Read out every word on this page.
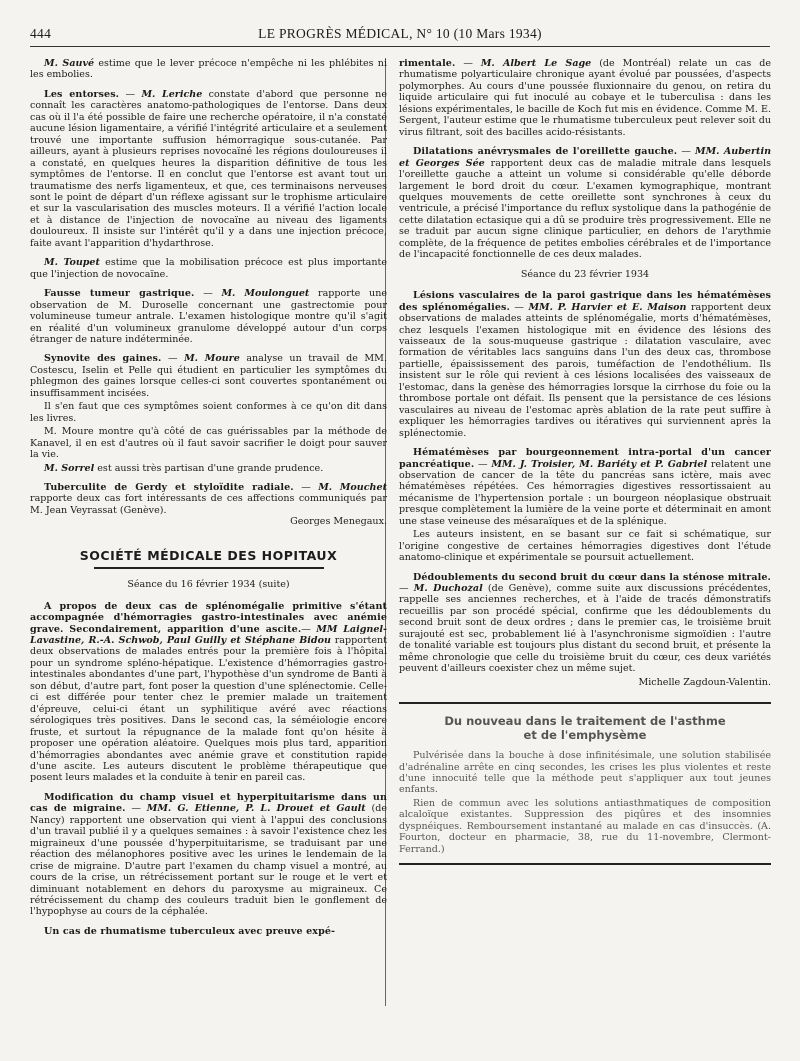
444	LE PROGRÈS MÉDICAL, N° 10 (10 Mars 1934)

M. Sauvé estime que le lever précoce n'empêche ni les phlébites ni les embolies.

Les entorses. — M. Leriche constate d'abord que personne ne connaît les caractères anatomo-pathologiques de l'entorse. Dans deux cas où il l'a été possible de faire une recherche opératoire, il n'a constaté aucune lésion ligamentaire, a vérifié l'intégrité articulaire et a seulement trouvé une importante suffusion hémorragique sous-cutanée. Par ailleurs, ayant à plusieurs reprises novocaïné les régions douloureuses il a constaté, en quelques heures la disparition définitive de tous les symptômes de l'entorse. Il en conclut que l'entorse est avant tout un traumatisme des nerfs ligamenteux, et que, ces terminaisons nerveuses sont le point de départ d'un réflexe agissant sur le trophisme articulaire et sur la vascularisation des muscles moteurs. Il a vérifié l'action locale et à distance de l'injection de novocaïne au niveau des ligaments douloureux. Il insiste sur l'intérêt qu'il y a dans une injection précoce, faite avant l'apparition d'hydarthrose.

M. Toupet estime que la mobilisation précoce est plus importante que l'injection de novocaïne.

Fausse tumeur gastrique. — M. Moulonguet rapporte une observation de M. Duroselle concernant une gastrectomie pour volumineuse tumeur antrale. L'examen histologique montre qu'il s'agit en réalité d'un volumineux granulome développé autour d'un corps étranger de nature indéterminée.

Synovite des gaines. — M. Moure analyse un travail de MM. Costescu, Iselin et Pelle qui étudient en particulier les symptômes du phlegmon des gaines lorsque celles-ci sont couvertes spontanément ou insuffisamment incisées.

Il s'en faut que ces symptômes soient conformes à ce qu'on dit dans les livres.

M. Moure montre qu'à côté de cas guérissables par la méthode de Kanavel, il en est d'autres où il faut savoir sacrifier le doigt pour sauver la vie.

M. Sorrel est aussi très partisan d'une grande prudence.

Tuberculite de Gerdy et styloïdite radiale. — M. Mouchet rapporte deux cas fort intéressants de ces affections communiqués par M. Jean Veyrassat (Genève).

Georges Menegaux.

SOCIÉTÉ MÉDICALE DES HOPITAUX

Séance du 16 février 1934 (suite)

A propos de deux cas de splénomégalie primitive s'étant accompagnée d'hémorragies gastro-intestinales avec anémie grave. Secondairement, apparition d'une ascite.— MM Laignel-Lavastine, R.-A. Schwob, Paul Guilly et Stéphane Bidou rapportent deux observations de malades entrés pour la première fois à l'hôpital pour un syndrome spléno-hépatique. L'existence d'hémorragies gastro-intestinales abondantes d'une part, l'hypothèse d'un syndrome de Banti à son début, d'autre part, font poser la question d'une splénectomie. Celle-ci est différée pour tenter chez le premier malade un traitement d'épreuve, celui-ci étant un syphilitique avéré avec réactions sérologiques très positives. Dans le second cas, la séméiologie encore fruste, et surtout la répugnance de la malade font qu'on hésite à proposer une opération aléatoire. Quelques mois plus tard, apparition d'hémorragies abondantes avec anémie grave et constitution rapide d'une ascite. Les auteurs discutent le problème thérapeutique que posent leurs malades et la conduite à tenir en pareil cas.

Modification du champ visuel et hyperpituitarisme dans un cas de migraine. — MM. G. Etienne, P. L. Drouet et Gault (de Nancy) rapportent une observation qui vient à l'appui des conclusions d'un travail publié il y a quelques semaines : à savoir l'existence chez les migraineux d'une poussée d'hyperpituitarisme, se traduisant par une réaction des mélanophores positive avec les urines le lendemain de la crise de migraine. D'autre part l'examen du champ visuel a montré, au cours de la crise, un rétrécissement portant sur le rouge et le vert et diminuant notablement en dehors du paroxysme au migraineux. Ce rétrécissement du champ des couleurs traduit bien le gonflement de l'hypophyse au cours de la céphalée.

Un cas de rhumatisme tuberculeux avec preuve expé-

rimentale. — M. Albert Le Sage (de Montréal) relate un cas de rhumatisme polyarticulaire chronique ayant évolué par poussées, d'aspects polymorphes. Au cours d'une poussée fluxionnaire du genou, on retira du liquide articulaire qui fut inoculé au cobaye et le tuberculisa : dans les lésions expérimentales, le bacille de Koch fut mis en évidence. Comme M. E. Sergent, l'auteur estime que le rhumatisme tuberculeux peut relever soit du virus filtrant, soit des bacilles acido-résistants.

Dilatations anévrysmales de l'oreillette gauche. — MM. Aubertin et Georges Sée rapportent deux cas de maladie mitrale dans lesquels l'oreillette gauche a atteint un volume si considérable qu'elle déborde largement le bord droit du cœur. L'examen kymographique, montrant quelques mouvements de cette oreillette sont synchrones à ceux du ventricule, a précisé l'importance du reflux systolique dans la pathogénie de cette dilatation ectasique qui a dû se produire très progressivement. Elle ne se traduit par aucun signe clinique particulier, en dehors de l'arythmie complète, de la fréquence de petites embolies cérébrales et de l'importance de l'incapacité fonctionnelle de ces deux malades.

Séance du 23 février 1934

Lésions vasculaires de la paroi gastrique dans les hématémèses des splénomégalies. — MM. P. Harvier et E. Maison rapportent deux observations de malades atteints de splénomégalie, morts d'hématémèses, chez lesquels l'examen histologique mit en évidence des lésions des vaisseaux de la sous-muqueuse gastrique : dilatation vasculaire, avec formation de véritables lacs sanguins dans l'un des deux cas, thrombose partielle, épaississement des parois, tuméfaction de l'endothélium. Ils insistent sur le rôle qui revient à ces lésions localisées des vaisseaux de l'estomac, dans la genèse des hémorragies lorsque la cirrhose du foie ou la thrombose portale ont défait. Ils pensent que la persistance de ces lésions vasculaires au niveau de l'estomac après ablation de la rate peut suffire à expliquer les hémorragies tardives ou itératives qui surviennent après la splénectomie.

Hématémèses par bourgeonnement intra-portal d'un cancer pancréatique. — MM. J. Troisier, M. Bariéty et P. Gabriel relatent une observation de cancer de la tête du pancréas sans ictère, mais avec hématémèses répétées. Ces hémorragies digestives ressortissaient au mécanisme de l'hypertension portale : un bourgeon néoplasique obstruait presque complètement la lumière de la veine porte et déterminait en amont une stase veineuse des mésaraïques et de la splénique.

Les auteurs insistent, en se basant sur ce fait si schématique, sur l'origine congestive de certaines hémorragies digestives dont l'étude anatomo-clinique et expérimentale se poursuit actuellement.

Dédoublements du second bruit du cœur dans la sténose mitrale. — M. Duchozal (de Genève), comme suite aux discussions précédentes, rappelle ses anciennes recherches, et à l'aide de tracés démonstratifs recueillis par son procédé spécial, confirme que les dédoublements du second bruit sont de deux ordres ; dans le premier cas, le troisième bruit surajouté est sec, probablement lié à l'asynchronisme sigmoïdien : l'autre de tonalité variable est toujours plus distant du second bruit, et présente la même chronologie que celle du troisième bruit du cœur, ces deux variétés peuvent d'ailleurs coexister chez un même sujet.

Michelle Zagdoun-Valentin.

Du nouveau dans le traitement de l'asthme
et de l'emphysème

Pulvérisée dans la bouche à dose infinitésimale, une solution stabilisée d'adrénaline arrête en cinq secondes, les crises les plus violentes et reste d'une innocuité telle que la méthode peut s'appliquer aux tout jeunes enfants.

Rien de commun avec les solutions antiasthmatiques de composition alcaloïque existantes. Suppression des piqûres et des insomnies dyspnéiques. Remboursement instantané au malade en cas d'insuccès. (A. Fourton, docteur en pharmacie, 38, rue du 11-novembre, Clermont-Ferrand.)
